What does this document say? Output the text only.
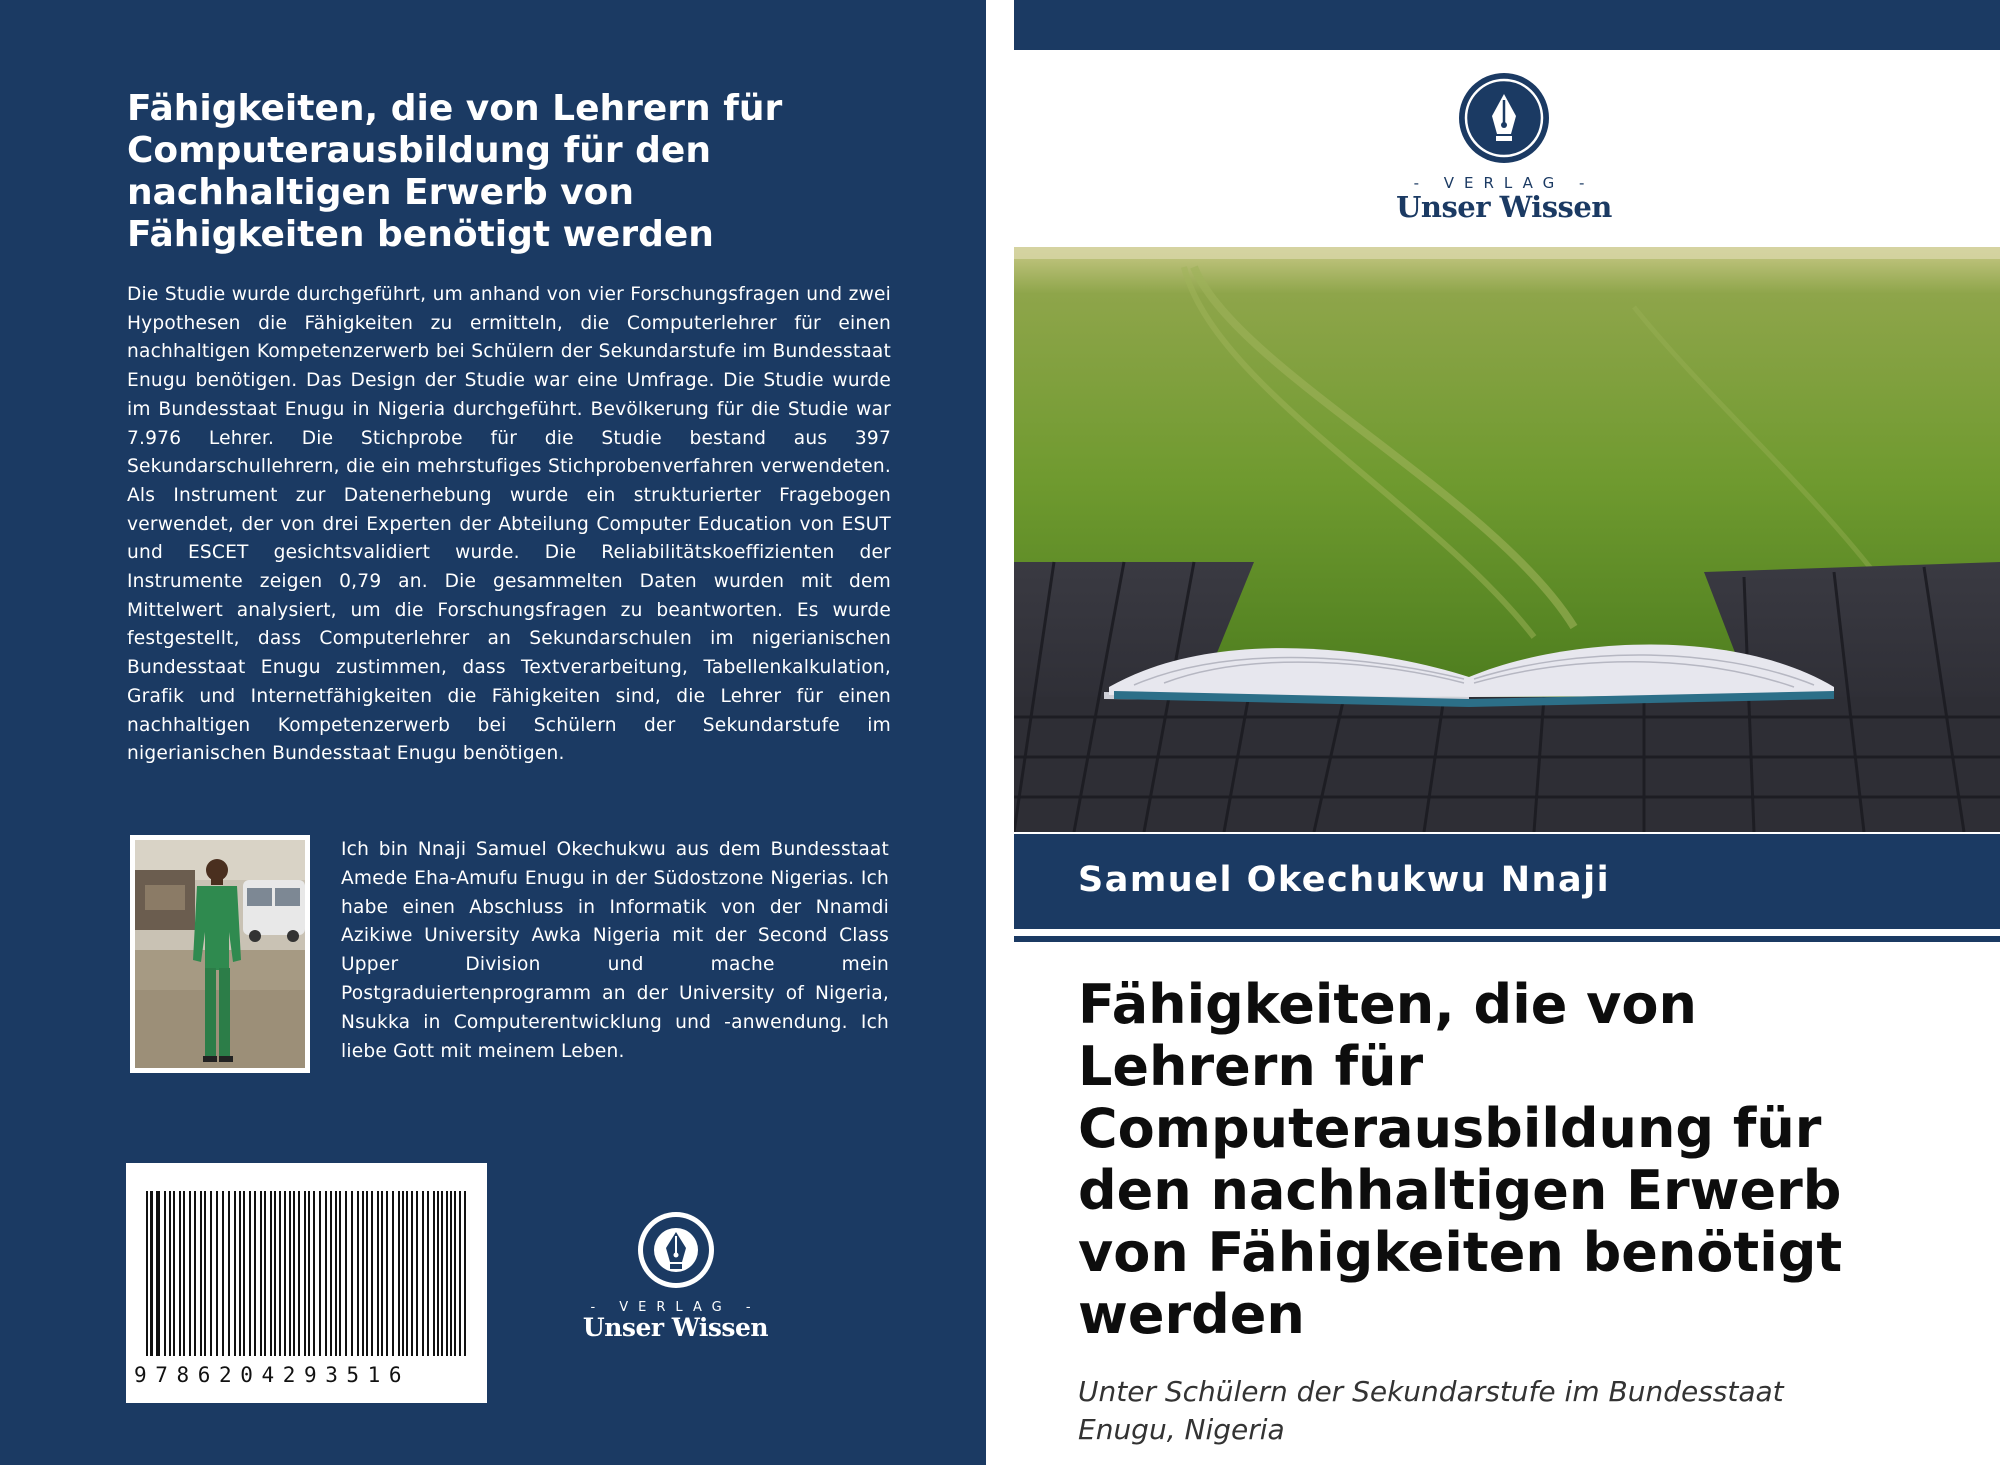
Fähigkeiten, die von Lehrern für
Computerausbildung für den
nachhaltigen Erwerb von
Fähigkeiten benötigt werden

Die Studie wurde durchgeführt, um anhand von vier Forschungsfragen und zwei Hypothesen die Fähigkeiten zu ermitteln, die Computerlehrer für einen nachhaltigen Kompetenzerwerb bei Schülern der Sekundarstufe im Bundesstaat Enugu benötigen. Das Design der Studie war eine Umfrage. Die Studie wurde im Bundesstaat Enugu in Nigeria durchgeführt. Bevölkerung für die Studie war 7.976 Lehrer. Die Stichprobe für die Studie bestand aus 397 Sekundarschullehrern, die ein mehrstufiges Stichprobenverfahren verwendeten. Als Instrument zur Datenerhebung wurde ein strukturierter Fragebogen verwendet, der von drei Experten der Abteilung Computer Education von ESUT und ESCET gesichtsvalidiert wurde. Die Reliabilitätskoeffizienten der Instrumente zeigen 0,79 an. Die gesammelten Daten wurden mit dem Mittelwert analysiert, um die Forschungsfragen zu beantworten. Es wurde festgestellt, dass Computerlehrer an Sekundarschulen im nigerianischen Bundesstaat Enugu zustimmen, dass Textverarbeitung, Tabellenkalkulation, Grafik und Internetfähigkeiten die Fähigkeiten sind, die Lehrer für einen nachhaltigen Kompetenzerwerb bei Schülern der Sekundarstufe im nigerianischen Bundesstaat Enugu benötigen.

Ich bin Nnaji Samuel Okechukwu aus dem Bundesstaat Amede Eha-Amufu Enugu in der Südostzone Nigerias. Ich habe einen Abschluss in Informatik von der Nnamdi Azikiwe University Awka Nigeria mit der Second Class Upper Division und mache mein Postgraduiertenprogramm an der University of Nigeria, Nsukka in Computerentwicklung und -anwendung. Ich liebe Gott mit meinem Leben.

9786204293516
- VERLAG -
Unser Wissen
- VERLAG -
Unser Wissen

Samuel Okechukwu Nnaji

Fähigkeiten, die von
Lehrern für
Computerausbildung für
den nachhaltigen Erwerb
von Fähigkeiten benötigt
werden

Unter Schülern der Sekundarstufe im Bundesstaat
Enugu, Nigeria
